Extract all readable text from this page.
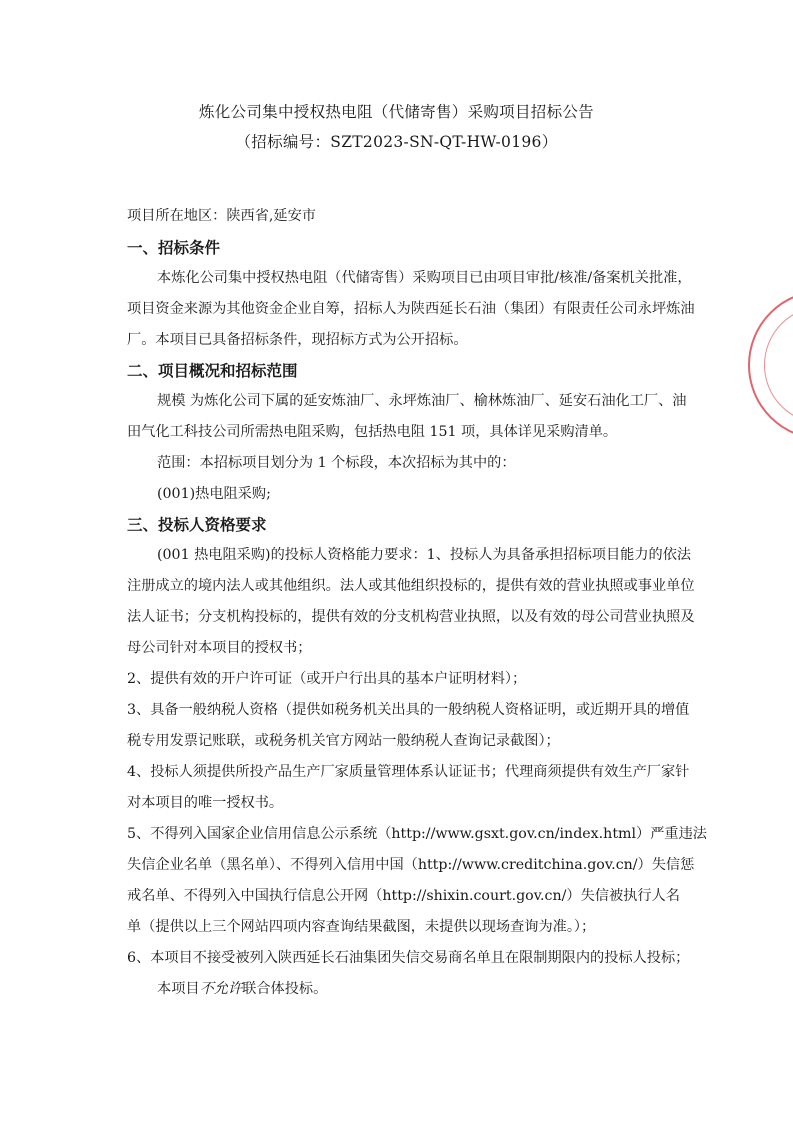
炼化公司集中授权热电阻（代储寄售）采购项目招标公告
（招标编号：SZT2023-SN-QT-HW-0196）
项目所在地区：陕西省,延安市
一、招标条件
本炼化公司集中授权热电阻（代储寄售）采购项目已由项目审批/核准/备案机关批准，
项目资金来源为其他资金企业自筹，招标人为陕西延长石油（集团）有限责任公司永坪炼油
厂。本项目已具备招标条件，现招标方式为公开招标。
二、项目概况和招标范围
规模 为炼化公司下属的延安炼油厂、永坪炼油厂、榆林炼油厂、延安石油化工厂、油
田气化工科技公司所需热电阻采购，包括热电阻 151 项，具体详见采购清单。
范围：本招标项目划分为 1 个标段，本次招标为其中的：
(001)热电阻采购;
三、投标人资格要求
(001 热电阻采购)的投标人资格能力要求：1、投标人为具备承担招标项目能力的依法
注册成立的境内法人或其他组织。法人或其他组织投标的，提供有效的营业执照或事业单位
法人证书；分支机构投标的，提供有效的分支机构营业执照，以及有效的母公司营业执照及
母公司针对本项目的授权书；
2、提供有效的开户许可证（或开户行出具的基本户证明材料）；
3、具备一般纳税人资格（提供如税务机关出具的一般纳税人资格证明，或近期开具的增值
税专用发票记账联，或税务机关官方网站一般纳税人查询记录截图）；
4、投标人须提供所投产品生产厂家质量管理体系认证证书；代理商须提供有效生产厂家针
对本项目的唯一授权书。
5、不得列入国家企业信用信息公示系统（http://www.gsxt.gov.cn/index.html）严重违法
失信企业名单（黑名单）、不得列入信用中国（http://www.creditchina.gov.cn/）失信惩
戒名单、不得列入中国执行信息公开网（http://shixin.court.gov.cn/）失信被执行人名
单（提供以上三个网站四项内容查询结果截图，未提供以现场查询为准。）；
6、本项目不接受被列入陕西延长石油集团失信交易商名单且在限制期限内的投标人投标；
本项目不允许联合体投标。
